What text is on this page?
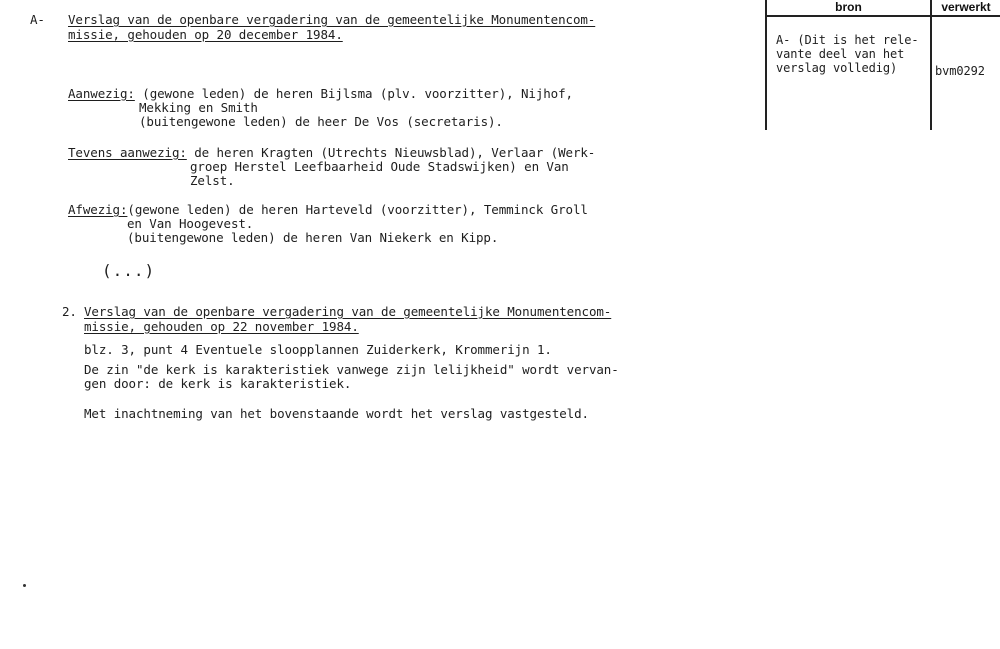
A- Verslag van de openbare vergadering van de gemeentelijke Monumentencom-
missie, gehouden op 20 december 1984.
Aanwezig: (gewone leden) de heren Bijlsma (plv. voorzitter), Nijhof,
Mekking en Smith
(buitengewone leden) de heer De Vos (secretaris).
Tevens aanwezig: de heren Kragten (Utrechts Nieuwsblad), Verlaar (Werk-
groep Herstel Leefbaarheid Oude Stadswijken) en Van
Zelst.
Afwezig:(gewone leden) de heren Harteveld (voorzitter), Temminck Groll
en Van Hoogevest.
(buitengewone leden) de heren Van Niekerk en Kipp.
(...)
2. Verslag van de openbare vergadering van de gemeentelijke Monumentencom-
missie, gehouden op 22 november 1984.
blz. 3, punt 4 Eventuele sloopplannen Zuiderkerk, Krommerijn 1.
De zin "de kerk is karakteristiek vanwege zijn lelijkheid" wordt vervan-
gen door: de kerk is karakteristiek.
Met inachtneming van het bovenstaande wordt het verslag vastgesteld.
bron	verwerkt
A- (Dit is het rele-
vante deel van het
verslag volledig)	bvm0292
